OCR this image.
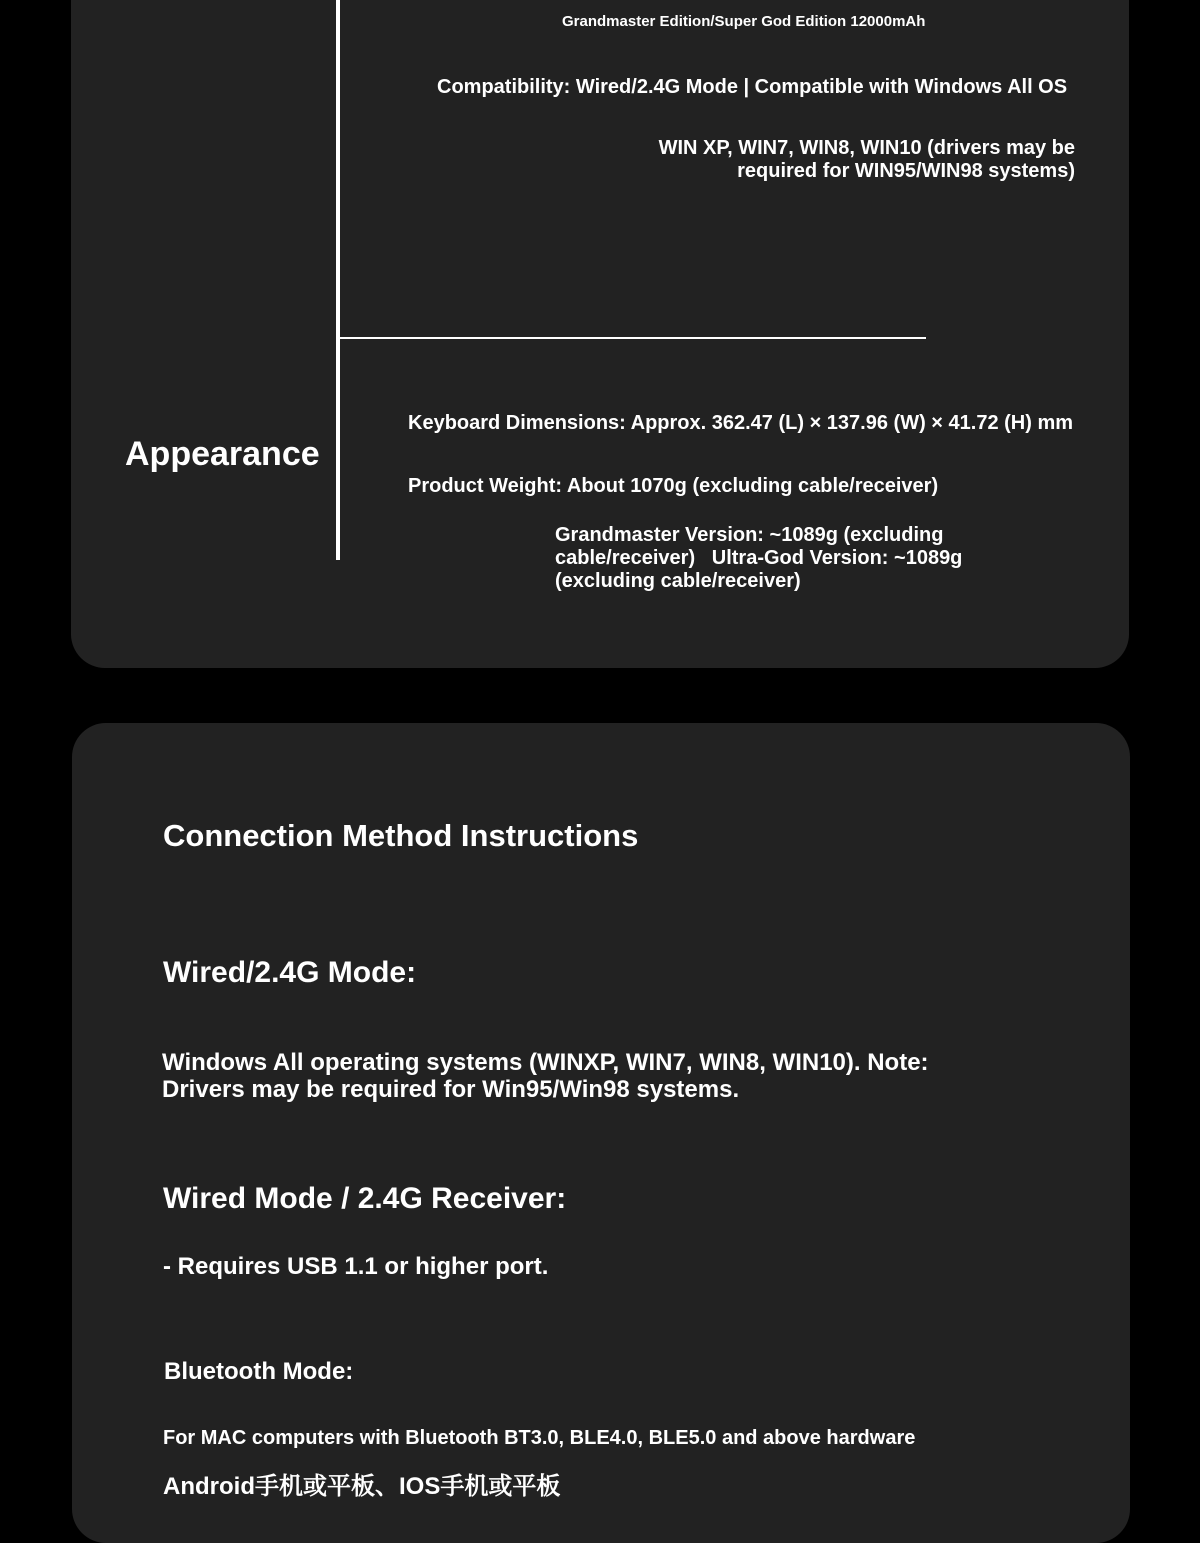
Grandmaster Edition/Super God Edition 12000mAh
Compatibility: Wired/2.4G Mode | Compatible with Windows All OS
WIN XP, WIN7, WIN8, WIN10 (drivers may be
required for WIN95/WIN98 systems)
Appearance
Keyboard Dimensions: Approx. 362.47 (L) × 137.96 (W) × 41.72 (H) mm
Product Weight: About 1070g (excluding cable/receiver)
Grandmaster Version: ~1089g (excluding
cable/receiver)   Ultra-God Version: ~1089g
(excluding cable/receiver)
Connection Method Instructions
Wired/2.4G Mode:
Windows All operating systems (WINXP, WIN7, WIN8, WIN10). Note:
Drivers may be required for Win95/Win98 systems.
Wired Mode / 2.4G Receiver:
- Requires USB 1.1 or higher port.
Bluetooth Mode:
For MAC computers with Bluetooth BT3.0, BLE4.0, BLE5.0 and above hardware
Android手机或平板、IOS手机或平板
